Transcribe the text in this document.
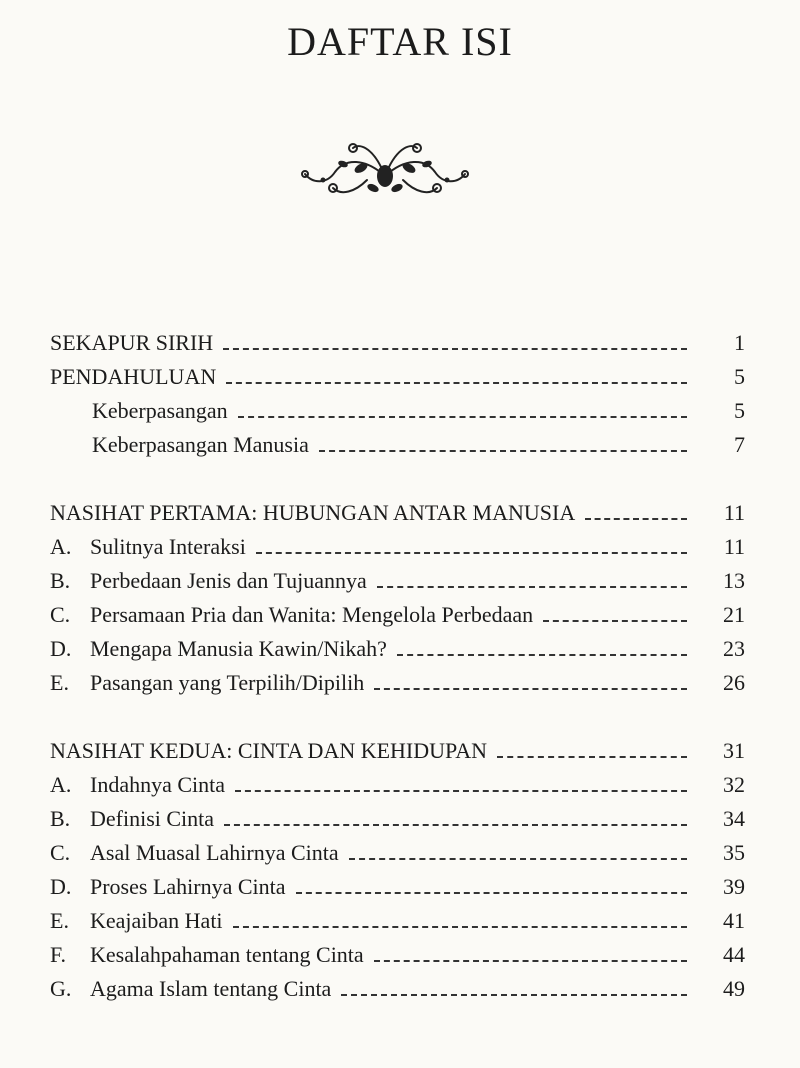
DAFTAR ISI
SEKAPUR SIRIH	1
PENDAHULUAN	5
Keberpasangan	5
Keberpasangan Manusia	7
NASIHAT PERTAMA: HUBUNGAN ANTAR MANUSIA	11
A. Sulitnya Interaksi	11
B. Perbedaan Jenis dan Tujuannya	13
C. Persamaan Pria dan Wanita: Mengelola Perbedaan	21
D. Mengapa Manusia Kawin/Nikah?	23
E. Pasangan yang Terpilih/Dipilih	26
NASIHAT KEDUA: CINTA DAN KEHIDUPAN	31
A. Indahnya Cinta	32
B. Definisi Cinta	34
C. Asal Muasal Lahirnya Cinta	35
D. Proses Lahirnya Cinta	39
E. Keajaiban Hati	41
F.	Kesalahpahaman tentang Cinta	44
G. Agama Islam tentang Cinta	49
